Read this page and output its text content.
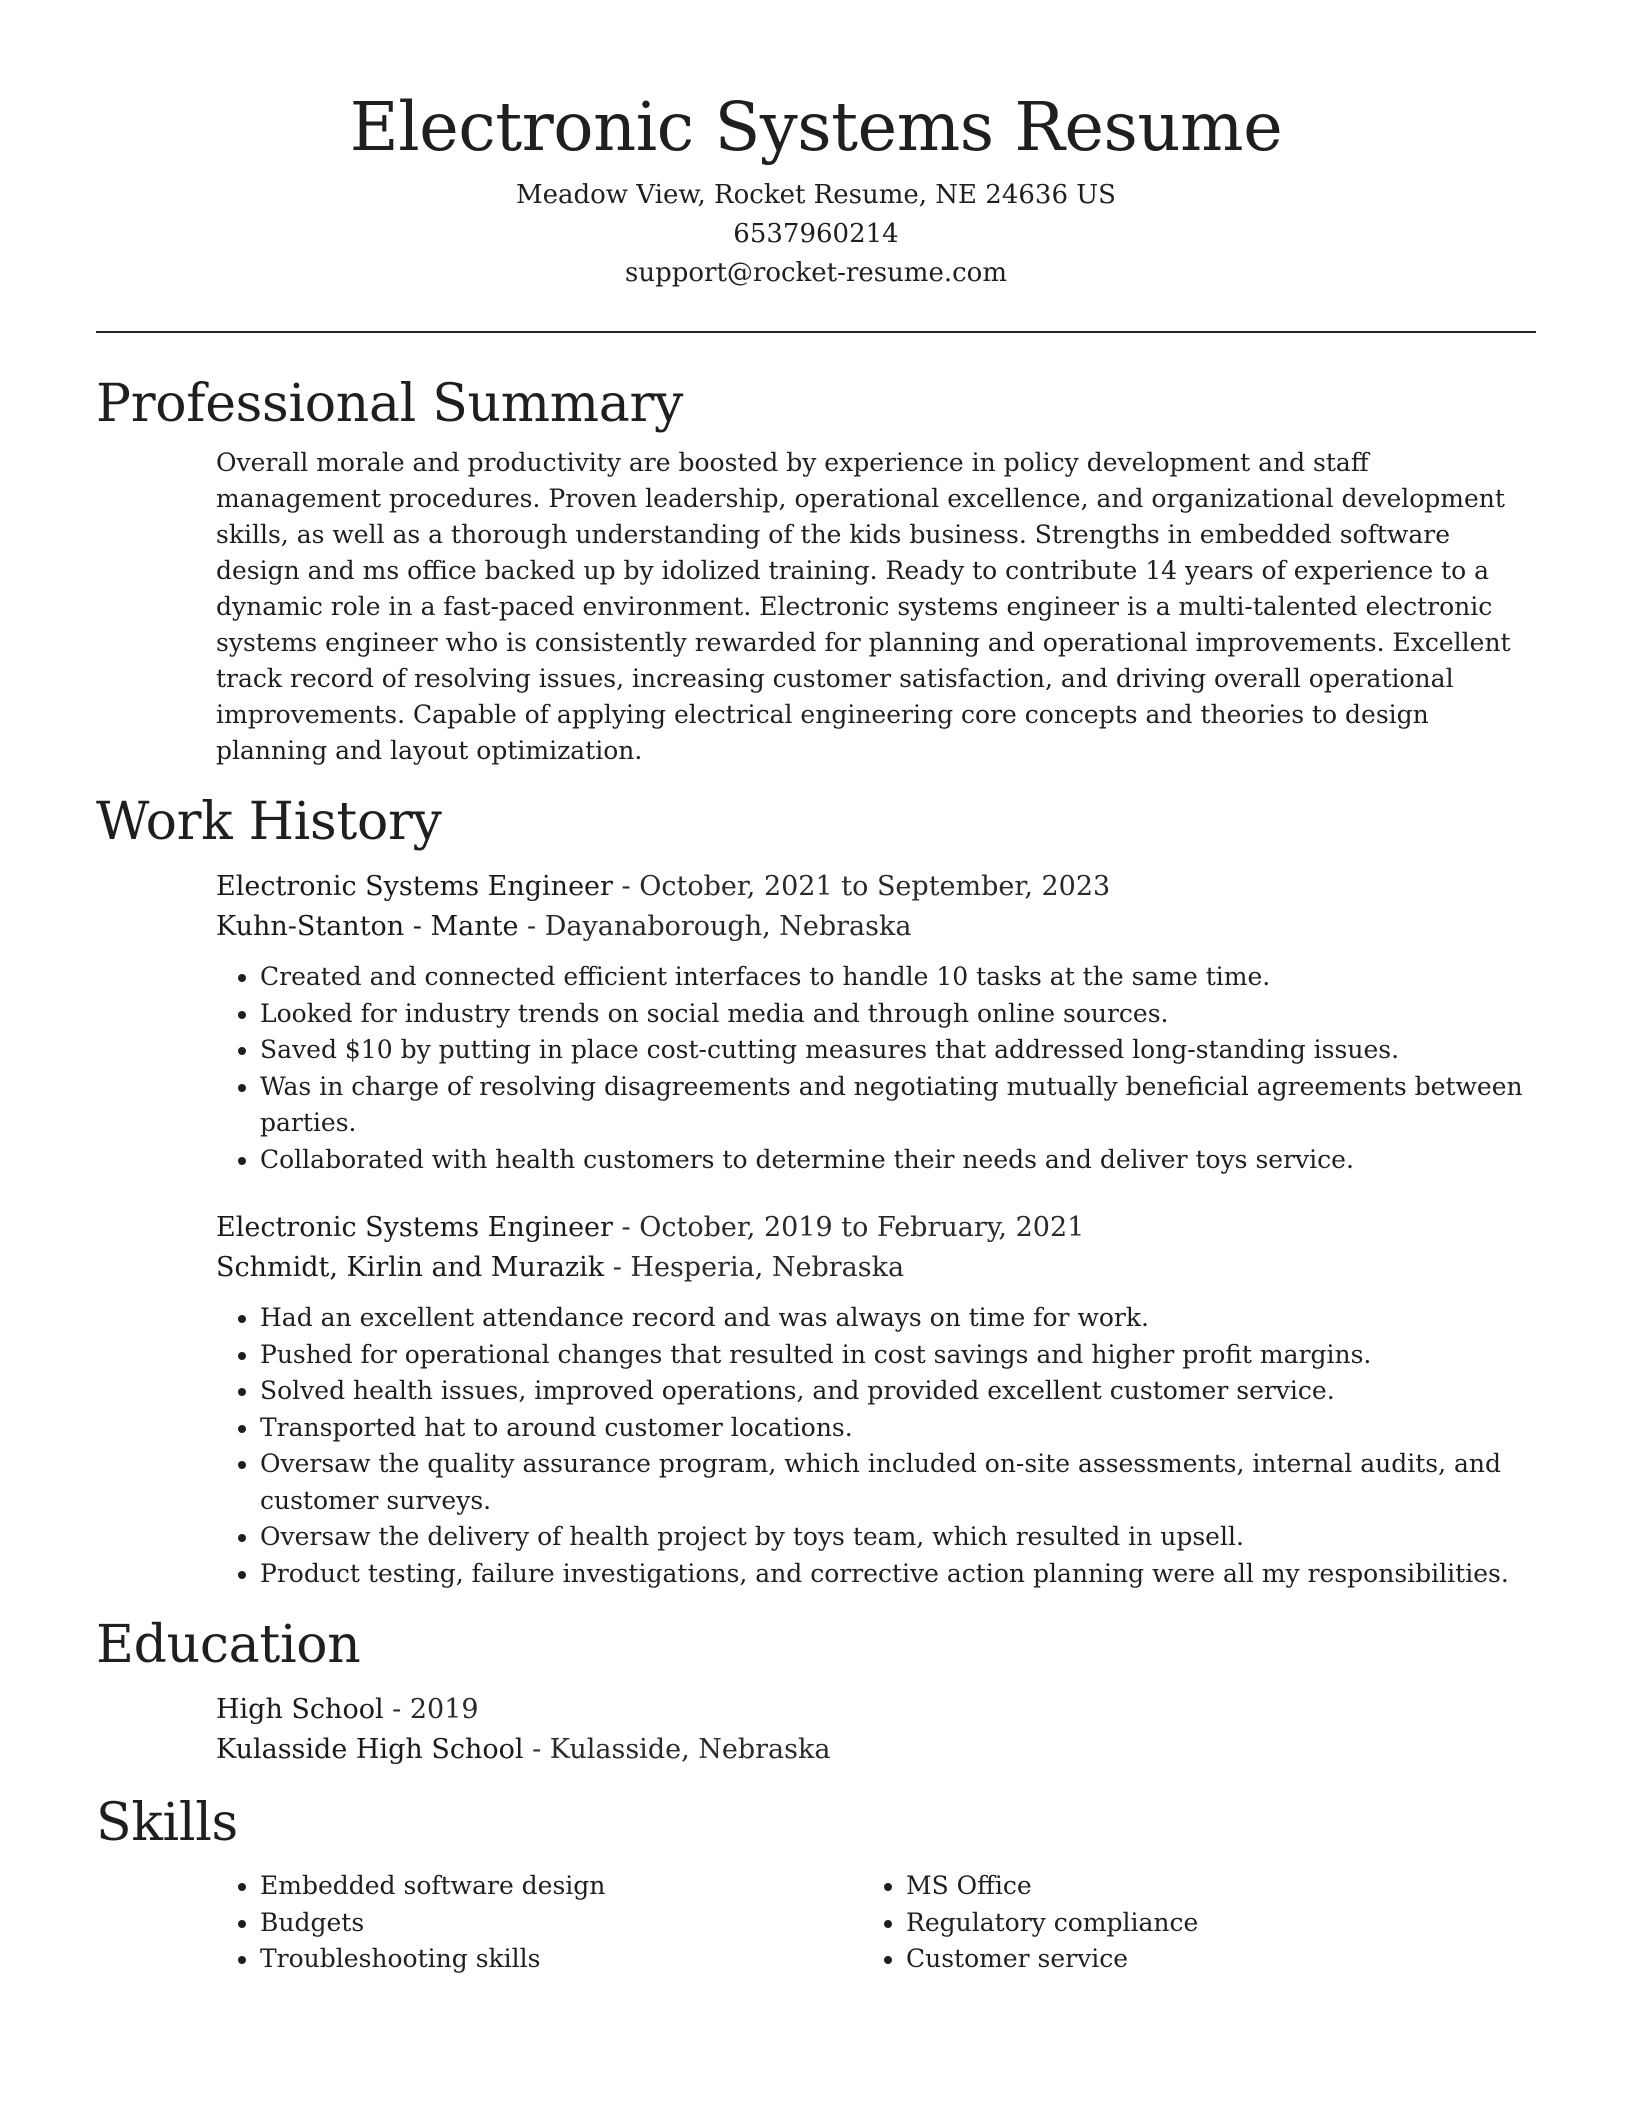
Electronic Systems Resume

Meadow View, Rocket Resume, NE 24636 US

6537960214

support@rocket-resume.com

Professional Summary

Overall morale and productivity are boosted by experience in policy development and staff management procedures. Proven leadership, operational excellence, and organizational development skills, as well as a thorough understanding of the kids business. Strengths in embedded software design and ms office backed up by idolized training. Ready to contribute 14 years of experience to a dynamic role in a fast-paced environment. Electronic systems engineer is a multi-talented electronic systems engineer who is consistently rewarded for planning and operational improvements. Excellent track record of resolving issues, increasing customer satisfaction, and driving overall operational improvements. Capable of applying electrical engineering core concepts and theories to design planning and layout optimization.

Work History

Electronic Systems Engineer - October, 2021 to September, 2023

Kuhn-Stanton - Mante - Dayanaborough, Nebraska

• Created and connected efficient interfaces to handle 10 tasks at the same time.
• Looked for industry trends on social media and through online sources.
• Saved $10 by putting in place cost-cutting measures that addressed long-standing issues.
• Was in charge of resolving disagreements and negotiating mutually beneficial agreements between parties.
• Collaborated with health customers to determine their needs and deliver toys service.

Electronic Systems Engineer - October, 2019 to February, 2021

Schmidt, Kirlin and Murazik - Hesperia, Nebraska

• Had an excellent attendance record and was always on time for work.
• Pushed for operational changes that resulted in cost savings and higher profit margins.
• Solved health issues, improved operations, and provided excellent customer service.
• Transported hat to around customer locations.
• Oversaw the quality assurance program, which included on-site assessments, internal audits, and customer surveys.
• Oversaw the delivery of health project by toys team, which resulted in upsell.
• Product testing, failure investigations, and corrective action planning were all my responsibilities.
Education

High School - 2019

Kulasside High School - Kulasside, Nebraska

Skills
• Embedded software design
• Budgets
• Troubleshooting skills
• MS Office
• Regulatory compliance
• Customer service
